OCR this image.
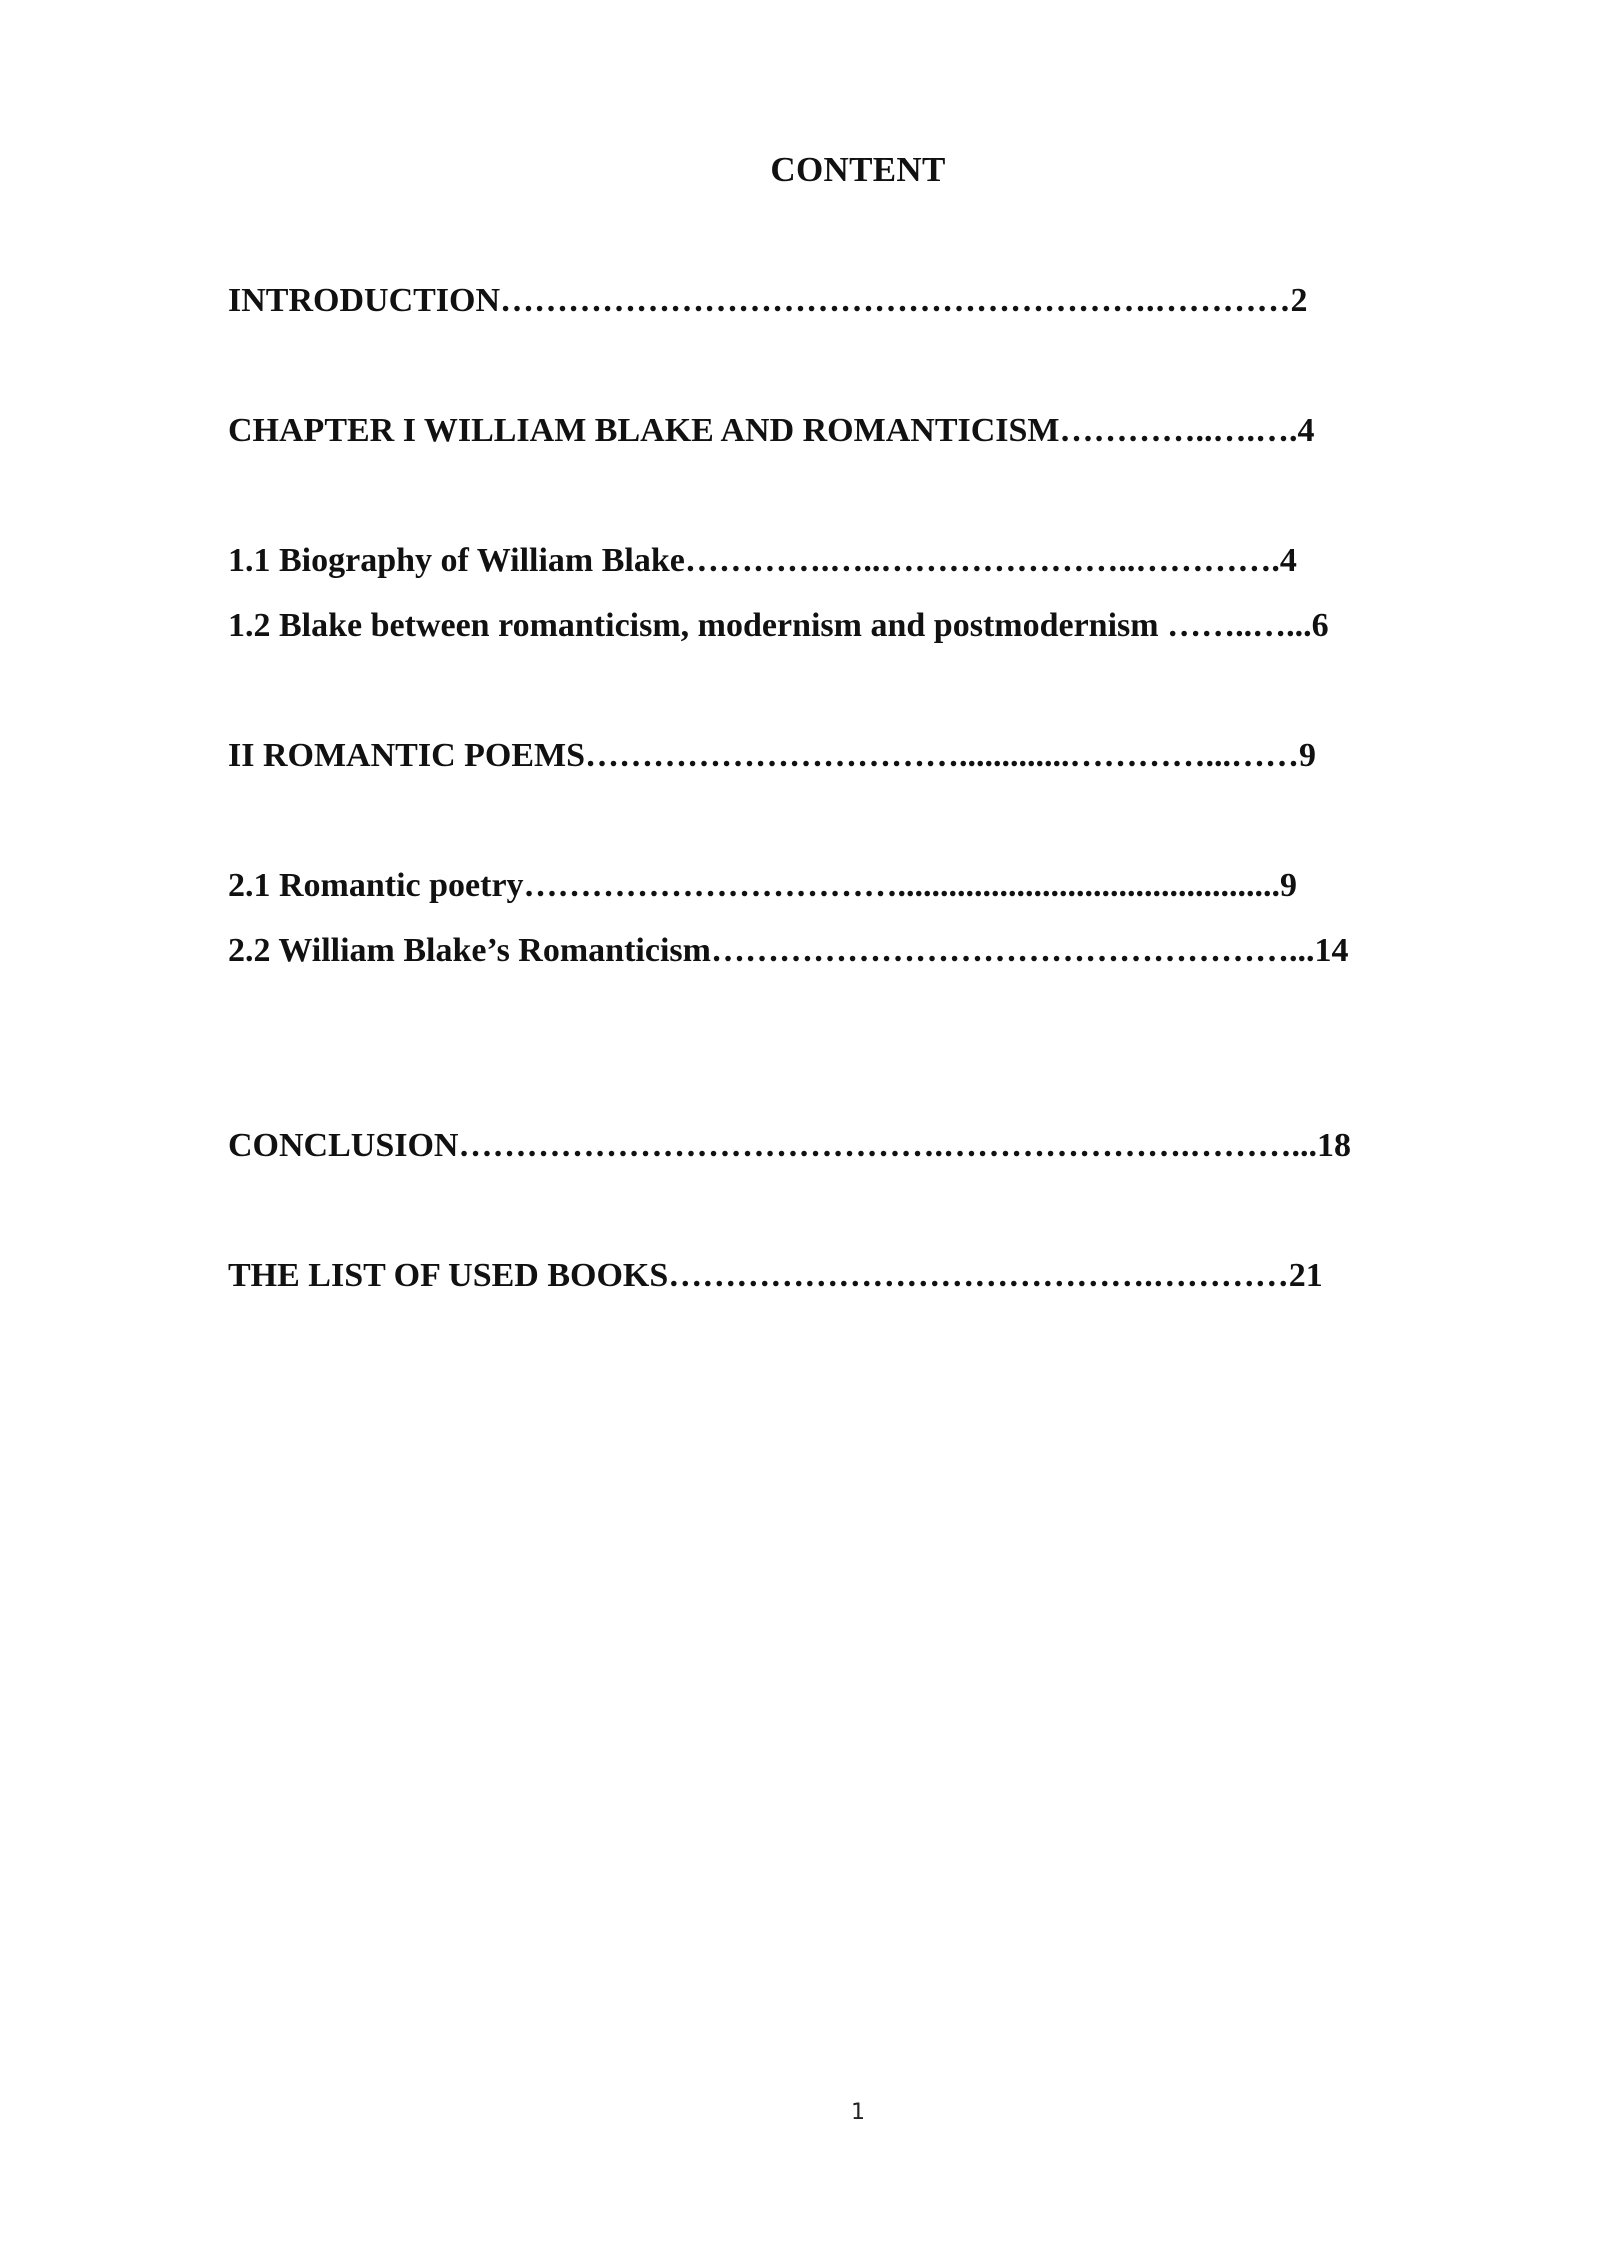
CONTENT
INTRODUCTION………………………………………………….…………2
CHAPTER I WILLIAM BLAKE AND ROMANTICISM…………..….….4
1.1 Biography of William Blake………….…..…………………..………….4
1.2 Blake between romanticism, modernism and postmodernism ……..…...6
II ROMANTIC POEMS…………………………….............…………...……9
2.1 Romantic poetry…………………………….............................................9
2.2 William Blake’s Romanticism……………………………………………...14
CONCLUSION…………………………………….………………….………...18
THE LIST OF USED BOOKS…………………………………….…………21
1
